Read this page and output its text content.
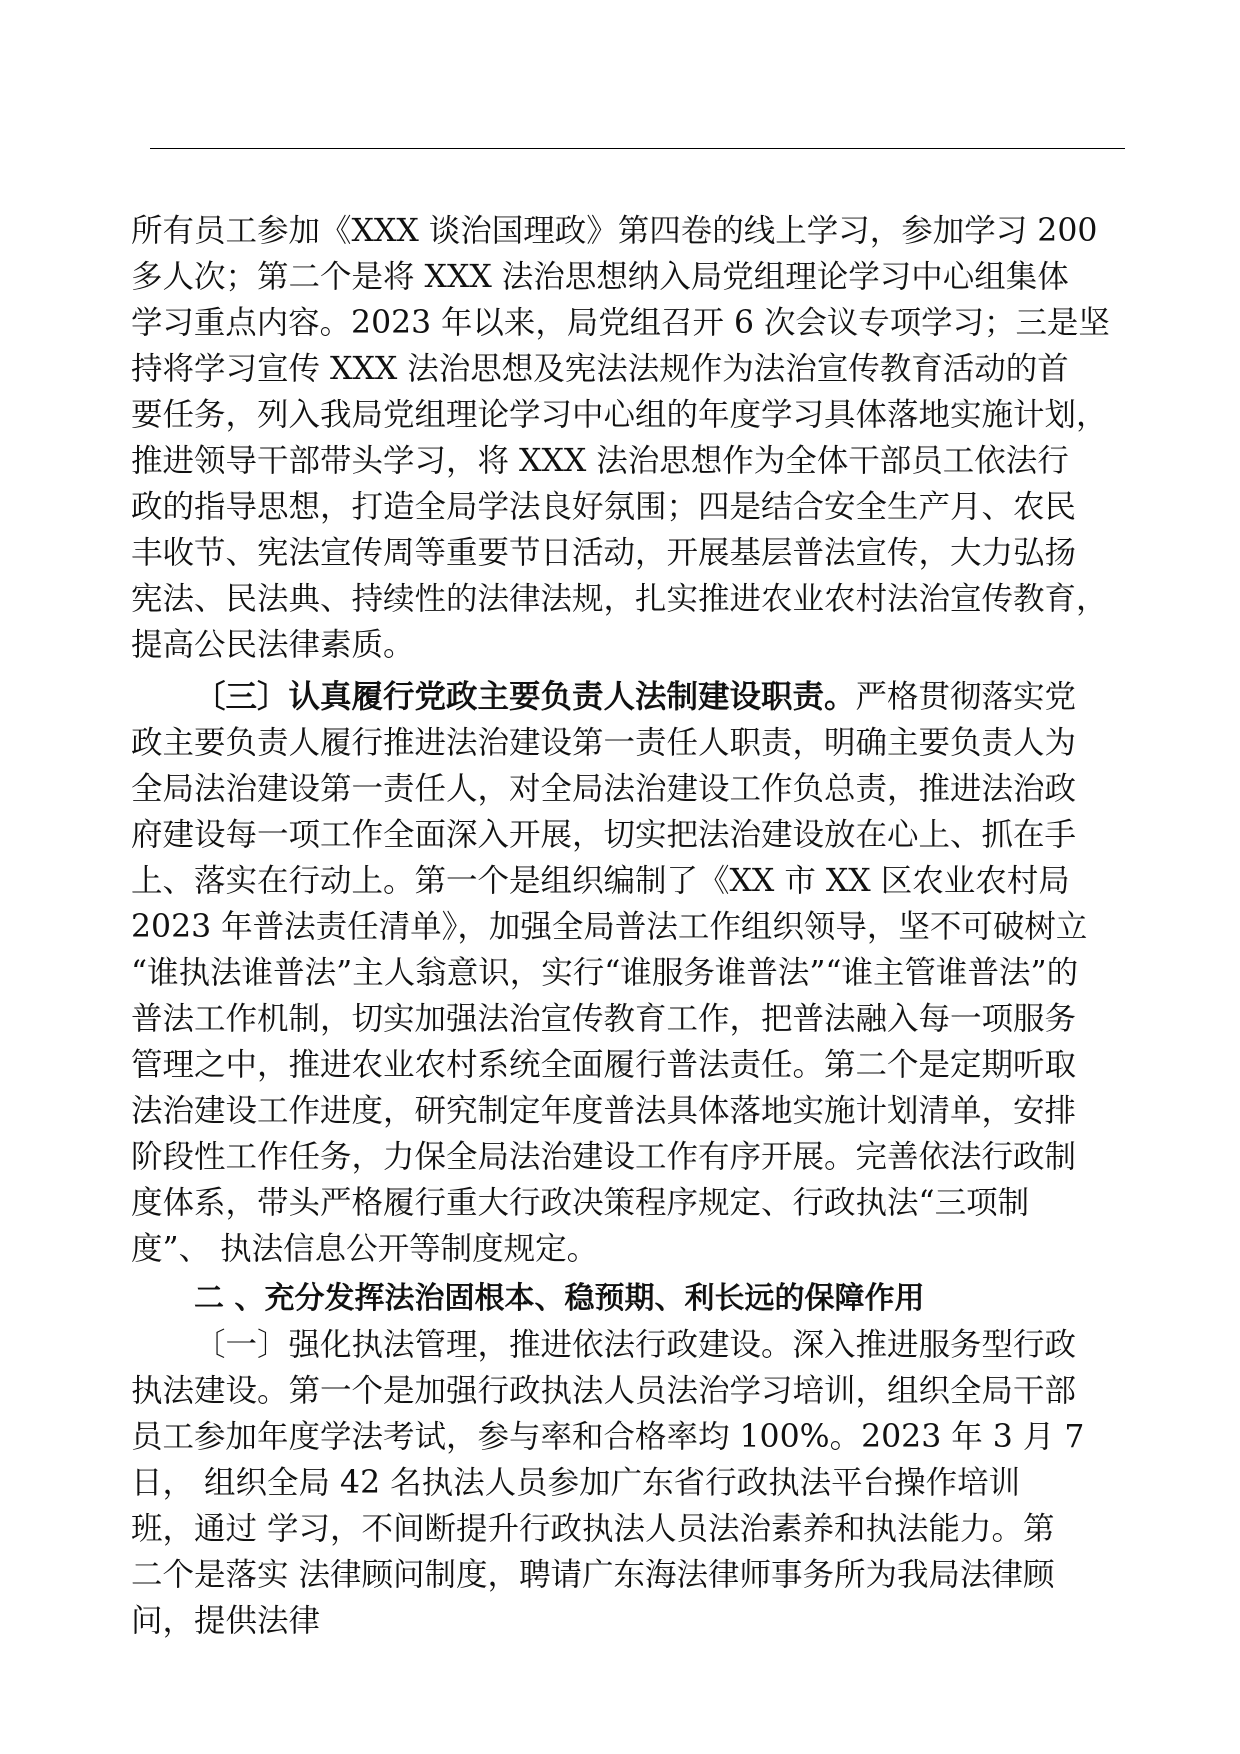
所有员工参加《XXX 谈治国理政》第四卷的线上学习，参加学习 200
多人次；第二个是将 XXX 法治思想纳入局党组理论学习中心组集体
学习重点内容。2023 年以来，局党组召开 6 次会议专项学习；三是坚
持将学习宣传 XXX 法治思想及宪法法规作为法治宣传教育活动的首
要任务，列入我局党组理论学习中心组的年度学习具体落地实施计划，
推进领导干部带头学习，将 XXX 法治思想作为全体干部员工依法行
政的指导思想，打造全局学法良好氛围；四是结合安全生产月、农民
丰收节、宪法宣传周等重要节日活动，开展基层普法宣传，大力弘扬
宪法、民法典、持续性的法律法规，扎实推进农业农村法治宣传教育，
提高公民法律素质。
〔三〕认真履行党政主要负责人法制建设职责。严格贯彻落实党
政主要负责人履行推进法治建设第一责任人职责，明确主要负责人为
全局法治建设第一责任人，对全局法治建设工作负总责，推进法治政
府建设每一项工作全面深入开展，切实把法治建设放在心上、抓在手
上、落实在行动上。第一个是组织编制了《XX 市 XX 区农业农村局
2023 年普法责任清单》，加强全局普法工作组织领导，坚不可破树立
“谁执法谁普法”主人翁意识，实行“谁服务谁普法”“谁主管谁普法”的
普法工作机制，切实加强法治宣传教育工作，把普法融入每一项服务
管理之中，推进农业农村系统全面履行普法责任。第二个是定期听取
法治建设工作进度，研究制定年度普法具体落地实施计划清单，安排
阶段性工作任务，力保全局法治建设工作有序开展。完善依法行政制
度体系，带头严格履行重大行政决策程序规定、行政执法“三项制
度”、 执法信息公开等制度规定。
二 、充分发挥法治固根本、稳预期、利长远的保障作用
〔一〕强化执法管理，推进依法行政建设。深入推进服务型行政
执法建设。第一个是加强行政执法人员法治学习培训，组织全局干部
员工参加年度学法考试，参与率和合格率均 100%。2023 年 3 月 7
日， 组织全局 42 名执法人员参加广东省行政执法平台操作培训
班，通过 学习，不间断提升行政执法人员法治素养和执法能力。第
二个是落实 法律顾问制度，聘请广东海法律师事务所为我局法律顾
问，提供法律
